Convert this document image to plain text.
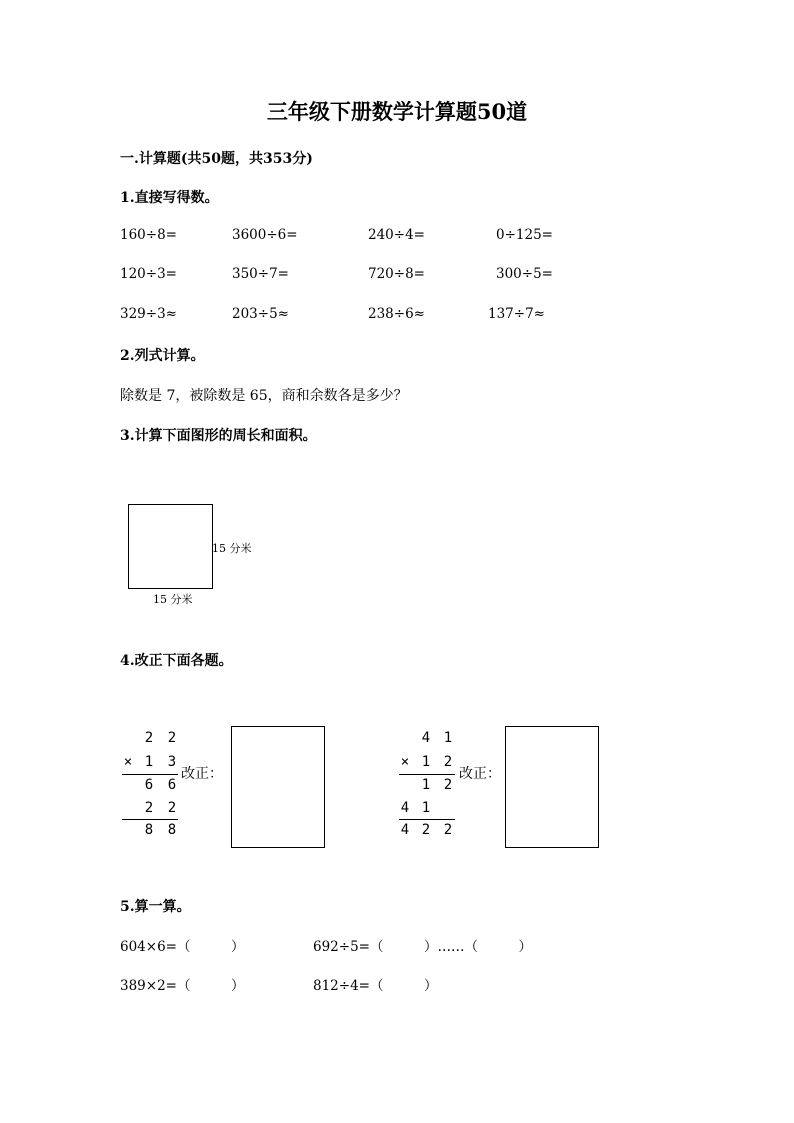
三年级下册数学计算题50道
一.计算题(共50题，共353分)
1.直接写得数。
160÷8=	3600÷6=	240÷4=	0÷125=
120÷3=	350÷7=	720÷8=	300÷5=
329÷3≈	203÷5≈	238÷6≈	137÷7≈
2.列式计算。
除数是 7，被除数是 65，商和余数各是多少？
3.计算下面图形的周长和面积。
15 分米
15 分米
4.改正下面各题。
2 2
× 1 3
6 6
2 2
8 8
改正：
4 1
× 1 2
1 2
4 1
4 2 2
改正：
5.算一算。
604×6=（　　　）	692÷5=（　　　）……（　　　）
389×2=（　　　）	812÷4=（　　　）
